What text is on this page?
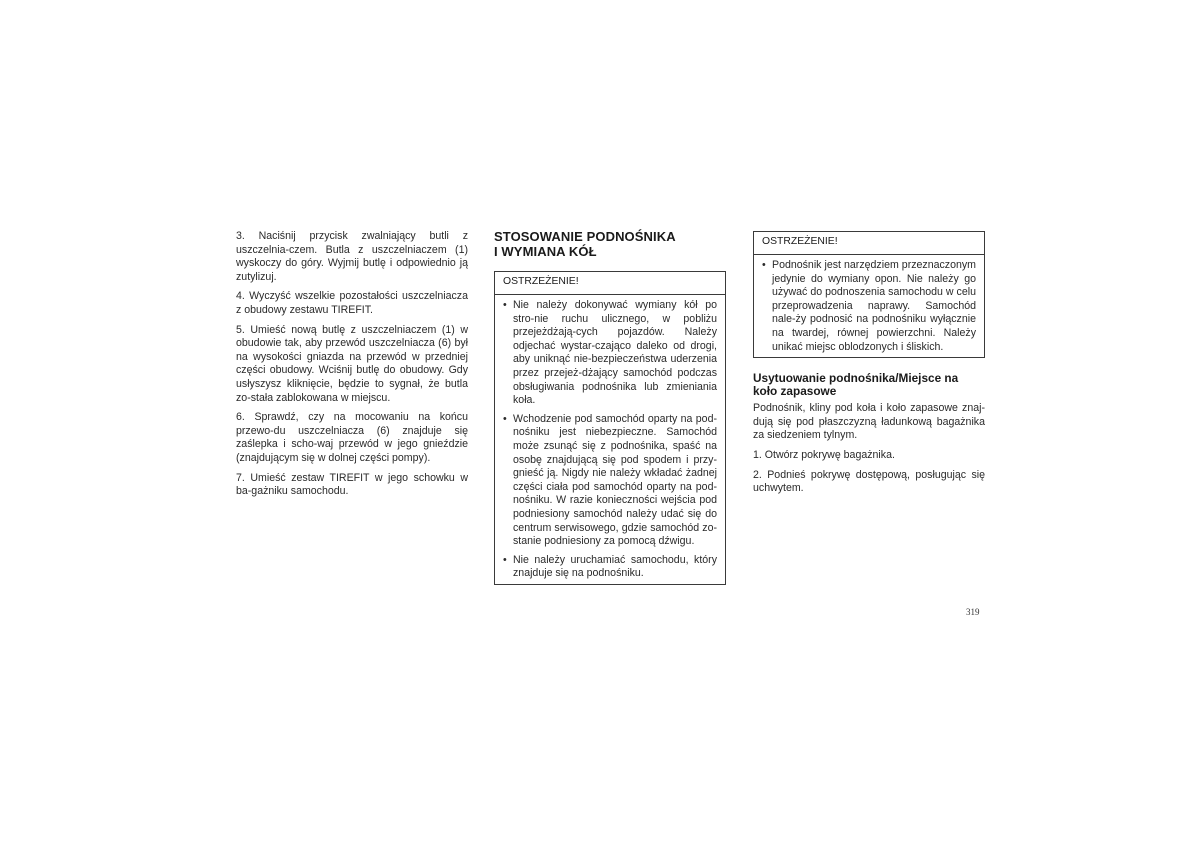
3. Naciśnij przycisk zwalniający butli z uszczelnia-czem. Butla z uszczelniaczem (1) wyskoczy do góry. Wyjmij butlę i odpowiednio ją zutylizuj.

4. Wyczyść wszelkie pozostałości uszczelniacza z obudowy zestawu TIREFIT.

5. Umieść nową butlę z uszczelniaczem (1) w obudowie tak, aby przewód uszczelniacza (6) był na wysokości gniazda na przewód w przedniej części obudowy. Wciśnij butlę do obudowy. Gdy usłyszysz kliknięcie, będzie to sygnał, że butla zo-stała zablokowana w miejscu.

6. Sprawdź, czy na mocowaniu na końcu przewo-du uszczelniacza (6) znajduje się zaślepka i scho-waj przewód w jego gnieździe (znajdującym się w dolnej części pompy).

7. Umieść zestaw TIREFIT w jego schowku w ba-gażniku samochodu.

STOSOWANIE PODNOŚNIKA
I WYMIANA KÓŁ
OSTRZEŻENIE!
• Nie należy dokonywać wymiany kół po stro-nie ruchu ulicznego, w pobliżu przejeżdżają-cych pojazdów. Należy odjechać wystar-czająco daleko od drogi, aby uniknąć nie-bezpieczeństwa uderzenia przez przejeż-dżający samochód podczas obsługiwania podnośnika lub zmieniania koła.
• Wchodzenie pod samochód oparty na pod-nośniku jest niebezpieczne. Samochód może zsunąć się z podnośnika, spaść na osobę znajdującą się pod spodem i przy-gnieść ją. Nigdy nie należy wkładać żadnej części ciała pod samochód oparty na pod-nośniku. W razie konieczności wejścia pod podniesiony samochód należy udać się do centrum serwisowego, gdzie samochód zo-stanie podniesiony za pomocą dźwigu.
• Nie należy uruchamiać samochodu, który znajduje się na podnośniku.
OSTRZEŻENIE!
• Podnośnik jest narzędziem przeznaczonym jedynie do wymiany opon. Nie należy go używać do podnoszenia samochodu w celu przeprowadzenia naprawy. Samochód nale-ży podnosić na podnośniku wyłącznie na twardej, równej powierzchni. Należy unikać miejsc oblodzonych i śliskich.
Usytuowanie podnośnika/Miejsce na
koło zapasowe

Podnośnik, kliny pod koła i koło zapasowe znaj-dują się pod płaszczyzną ładunkową bagażnika za siedzeniem tylnym.

1. Otwórz pokrywę bagażnika.

2. Podnieś pokrywę dostępową, posługując się uchwytem.

319
